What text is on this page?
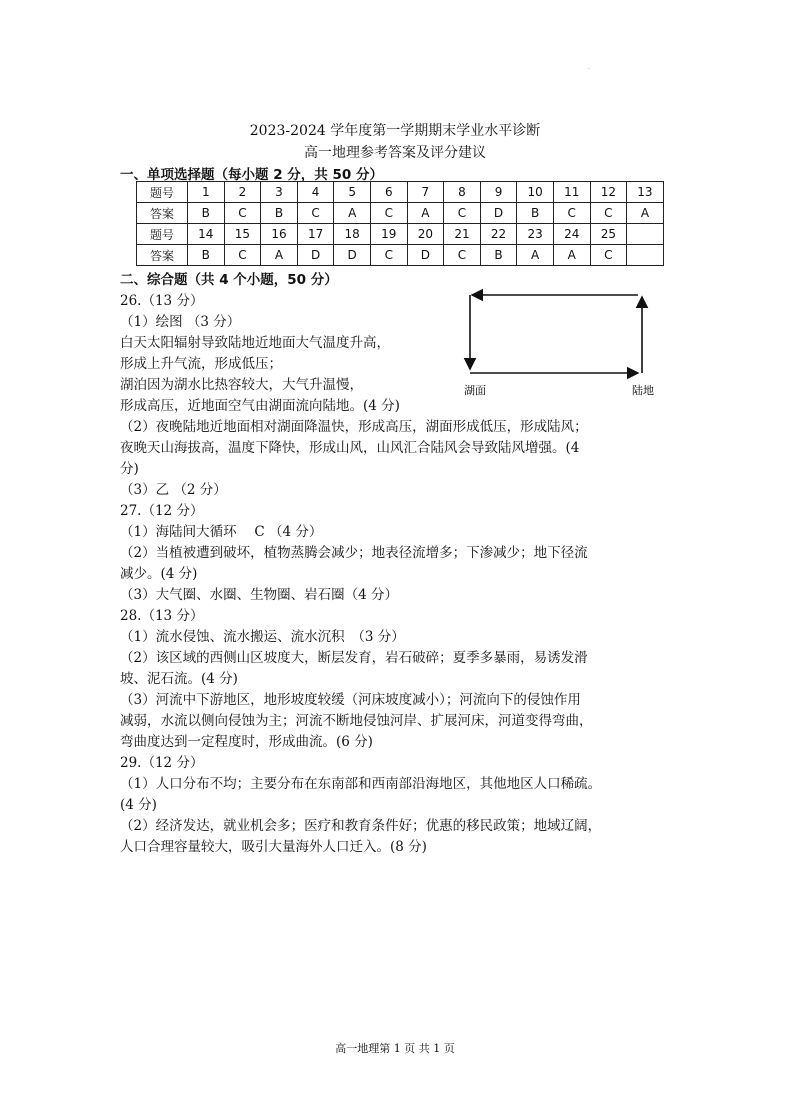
·
2023-2024 学年度第一学期期末学业水平诊断
高一地理参考答案及评分建议
一、单项选择题（每小题 2 分，共 50 分）
题号	1	2	3	4	5	6	7	8	9	10	11	12	13
答案	B	C	B	C	A	C	A	C	D	B	C	C	A
题号	14	15	16	17	18	19	20	21	22	23	24	25	
答案	B	C	A	D	D	C	D	C	B	A	A	C	
二、综合题（共 4 个小题，50 分）
湖面	陆地
26.（13 分）
（1）绘图 （3 分）
白天太阳辐射导致陆地近地面大气温度升高，
形成上升气流，形成低压；
湖泊因为湖水比热容较大，大气升温慢，
形成高压，近地面空气由湖面流向陆地。(4 分)
（2）夜晚陆地近地面相对湖面降温快，形成高压，湖面形成低压，形成陆风；
夜晚天山海拔高，温度下降快，形成山风，山风汇合陆风会导致陆风增强。(4
分)
（3）乙 （2 分）
27.（12 分）
（1）海陆间大循环　 C （4 分）
（2）当植被遭到破坏，植物蒸腾会减少；地表径流增多；下渗减少；地下径流
减少。(4 分)
（3）大气圈、水圈、生物圈、岩石圈（4 分）
28.（13 分）
（1）流水侵蚀、流水搬运、流水沉积　（3 分）
（2）该区域的西侧山区坡度大，断层发育，岩石破碎；夏季多暴雨，易诱发滑
坡、泥石流。(4 分)
（3）河流中下游地区，地形坡度较缓（河床坡度减小）；河流向下的侵蚀作用
减弱，水流以侧向侵蚀为主；河流不断地侵蚀河岸、扩展河床，河道变得弯曲，
弯曲度达到一定程度时，形成曲流。(6 分)
29.（12 分）
（1）人口分布不均；主要分布在东南部和西南部沿海地区，其他地区人口稀疏。
(4 分)
（2）经济发达，就业机会多；医疗和教育条件好；优惠的移民政策；地域辽阔，
人口合理容量较大，吸引大量海外人口迁入。(8 分)
高一地理第 1 页 共 1 页
